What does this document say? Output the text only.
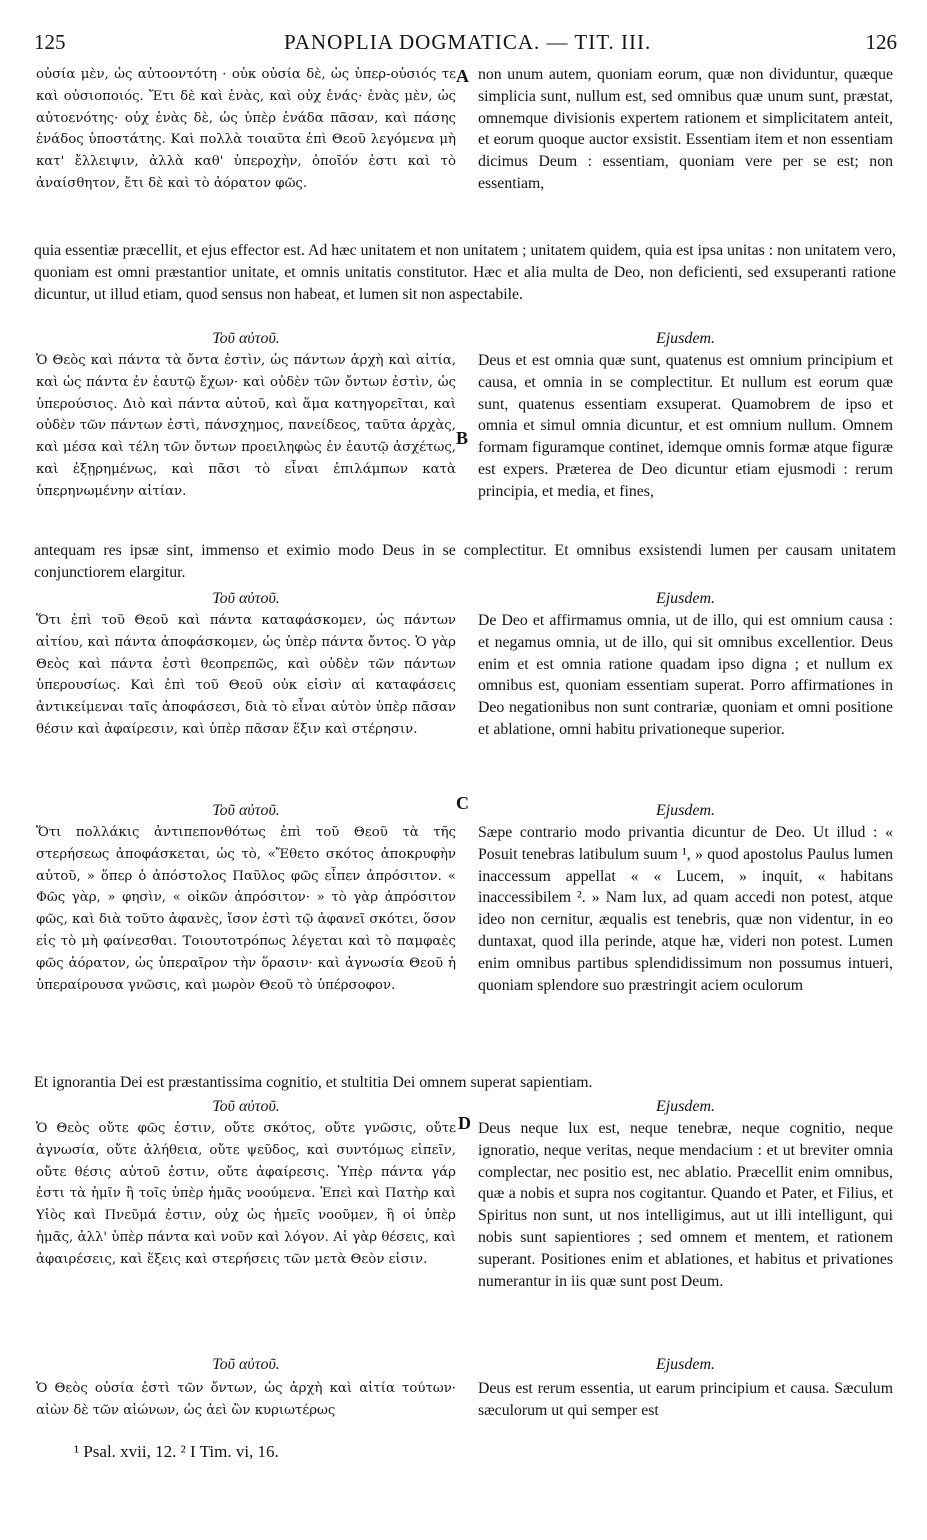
125	PANOPLIA DOGMATICA. — TIT. III.	126

οὐσία μὲν, ὡς αὐτοοντότη · οὐκ οὐσία δὲ, ὡς ὑπερ-οὐσιός τε καὶ οὐσιοποιός. Ἔτι δὲ καὶ ἑνὰς, καὶ οὐχ ἑνάς· ἑνὰς μὲν, ὡς αὐτοενότης· οὐχ ἑνὰς δὲ, ὡς ὑπὲρ ἑνάδα πᾶσαν, καὶ πάσης ἑνάδος ὑποστάτης. Καὶ πολλὰ τοιαῦτα ἐπὶ Θεοῦ λεγόμενα μὴ κατ' ἔλλειψιν, ἀλλὰ καθ' ὑπεροχὴν, ὁποῖόν ἐστι καὶ τὸ ἀναίσθητον, ἔτι δὲ καὶ τὸ ἀόρατον φῶς.

non unum autem, quoniam eorum, quæ non dividuntur, quæque simplicia sunt, nullum est, sed omnibus quæ unum sunt, præstat, omnemque divisionis expertem rationem et simplicitatem anteit, et eorum quoque auctor exsistit. Essentiam item et non essentiam dicimus Deum : essentiam, quoniam vere per se est; non essentiam,

quia essentiæ præcellit, et ejus effector est. Ad hæc unitatem et non unitatem ; unitatem quidem, quia est ipsa unitas : non unitatem vero, quoniam est omni præstantior unitate, et omnis unitatis constitutor. Hæc et alia multa de Deo, non deficienti, sed exsuperanti ratione dicuntur, ut illud etiam, quod sensus non habeat, et lumen sit non aspectabile.

Τοῦ αὐτοῦ.	Ejusdem.

Ὁ Θεὸς καὶ πάντα τὰ ὄντα ἐστὶν, ὡς πάντων ἀρχὴ καὶ αἰτία, καὶ ὡς πάντα ἐν ἑαυτῷ ἔχων· καὶ οὐδὲν τῶν ὄντων ἐστὶν, ὡς ὑπερούσιος. Διὸ καὶ πάντα αὐτοῦ, καὶ ἅμα κατηγορεῖται, καὶ οὐδὲν τῶν πάντων ἐστὶ, πάνσχημος, πανείδεος, ταῦτα ἀρχὰς, καὶ μέσα καὶ τέλη τῶν ὄντων προειληφὼς ἐν ἑαυτῷ ἀσχέτως, καὶ ἐξῃρημένως, καὶ πᾶσι τὸ εἶναι ἐπιλάμπων κατὰ ὑπερηνωμένην αἰτίαν.

Deus et est omnia quæ sunt, quatenus est omnium principium et causa, et omnia in se complectitur. Et nullum est eorum quæ sunt, quatenus essentiam exsuperat. Quamobrem de ipso et omnia et simul omnia dicuntur, et est omnium nullum. Omnem formam figuramque continet, idemque omnis formæ atque figuræ est expers. Præterea de Deo dicuntur etiam ejusmodi : rerum principia, et media, et fines,

antequam res ipsæ sint, immenso et eximio modo Deus in se complectitur. Et omnibus exsistendi lumen per causam unitatem conjunctiorem elargitur.

Τοῦ αὐτοῦ.	Ejusdem.

Ὅτι ἐπὶ τοῦ Θεοῦ καὶ πάντα καταφάσκομεν, ὡς πάντων αἰτίου, καὶ πάντα ἀποφάσκομεν, ὡς ὑπὲρ πάντα ὄντος. Ὁ γὰρ Θεὸς καὶ πάντα ἐστὶ θεοπρεπῶς, καὶ οὐδὲν τῶν πάντων ὑπερουσίως. Καὶ ἐπὶ τοῦ Θεοῦ οὐκ εἰσὶν αἱ καταφάσεις ἀντικείμεναι ταῖς ἀποφάσεσι, διὰ τὸ εἶναι αὐτὸν ὑπὲρ πᾶσαν θέσιν καὶ ἀφαίρεσιν, καὶ ὑπὲρ πᾶσαν ἕξιν καὶ στέρησιν.

De Deo et affirmamus omnia, ut de illo, qui est omnium causa : et negamus omnia, ut de illo, qui sit omnibus excellentior. Deus enim et est omnia ratione quadam ipso digna ; et nullum ex omnibus est, quoniam essentiam superat. Porro affirmationes in Deo negationibus non sunt contrariæ, quoniam et omni positione et ablatione, omni habitu privationeque superior.

Τοῦ αὐτοῦ.	Ejusdem.

Ὅτι πολλάκις ἀντιπεπονθότως ἐπὶ τοῦ Θεοῦ τὰ τῆς στερήσεως ἀποφάσκεται, ὡς τὸ, «Ἔθετο σκότος ἀποκρυφὴν αὐτοῦ, » ὅπερ ὁ ἀπόστολος Παῦλος φῶς εἶπεν ἀπρόσιτον. « Φῶς γὰρ, » φησὶν, « οἰκῶν ἀπρόσιτον· » τὸ γὰρ ἀπρόσιτον φῶς, καὶ διὰ τοῦτο ἀφανὲς, ἴσον ἐστὶ τῷ ἀφανεῖ σκότει, ὅσον εἰς τὸ μὴ φαίνεσθαι. Τοιουτοτρόπως λέγεται καὶ τὸ παμφαὲς φῶς ἀόρατον, ὡς ὑπεραῖρον τὴν ὅρασιν· καὶ ἀγνωσία Θεοῦ ἡ ὑπεραίρουσα γνῶσις, καὶ μωρὸν Θεοῦ τὸ ὑπέρσοφον.

Sæpe contrario modo privantia dicuntur de Deo. Ut illud : « Posuit tenebras latibulum suum ¹, » quod apostolus Paulus lumen inaccessum appellat « « Lucem, » inquit, « habitans inaccessibilem ². » Nam lux, ad quam accedi non potest, atque ideo non cernitur, æqualis est tenebris, quæ non videntur, in eo duntaxat, quod illa perinde, atque hæ, videri non potest. Lumen enim omnibus partibus splendidissimum non possumus intueri, quoniam splendore suo præstringit aciem oculorum

Et ignorantia Dei est præstantissima cognitio, et stultitia Dei omnem superat sapientiam.

Τοῦ αὐτοῦ.	Ejusdem.

Ὁ Θεὸς οὔτε φῶς ἐστιν, οὔτε σκότος, οὔτε γνῶσις, οὔτε ἀγνωσία, οὔτε ἀλήθεια, οὔτε ψεῦδος, καὶ συντόμως εἰπεῖν, οὔτε θέσις αὐτοῦ ἐστιν, οὔτε ἀφαίρεσις. Ὑπὲρ πάντα γάρ ἐστι τὰ ἡμῖν ἢ τοῖς ὑπὲρ ἡμᾶς νοούμενα. Ἐπεὶ καὶ Πατὴρ καὶ Υἱὸς καὶ Πνεῦμά ἐστιν, οὐχ ὡς ἡμεῖς νοοῦμεν, ἢ οἱ ὑπὲρ ἡμᾶς, ἀλλ' ὑπὲρ πάντα καὶ νοῦν καὶ λόγον. Αἱ γὰρ θέσεις, καὶ ἀφαιρέσεις, καὶ ἕξεις καὶ στερήσεις τῶν μετὰ Θεὸν εἰσιν.

Deus neque lux est, neque tenebræ, neque cognitio, neque ignoratio, neque veritas, neque mendacium : et ut breviter omnia complectar, nec positio est, nec ablatio. Præcellit enim omnibus, quæ a nobis et supra nos cogitantur. Quando et Pater, et Filius, et Spiritus non sunt, ut nos intelligimus, aut ut illi intelligunt, qui nobis sunt sapientiores ; sed omnem et mentem, et rationem superant. Positiones enim et ablationes, et habitus et privationes numerantur in iis quæ sunt post Deum.

Τοῦ αὐτοῦ.	Ejusdem.

Ὁ Θεὸς οὐσία ἐστὶ τῶν ὄντων, ὡς ἀρχὴ καὶ αἰτία τούτων· αἰὼν δὲ τῶν αἰώνων, ὡς ἀεὶ ὢν κυριωτέρως

Deus est rerum essentia, ut earum principium et causa. Sæculum sæculorum ut qui semper est

A
B
C
D

¹ Psal. xvii, 12. ² I Tim. vi, 16.
